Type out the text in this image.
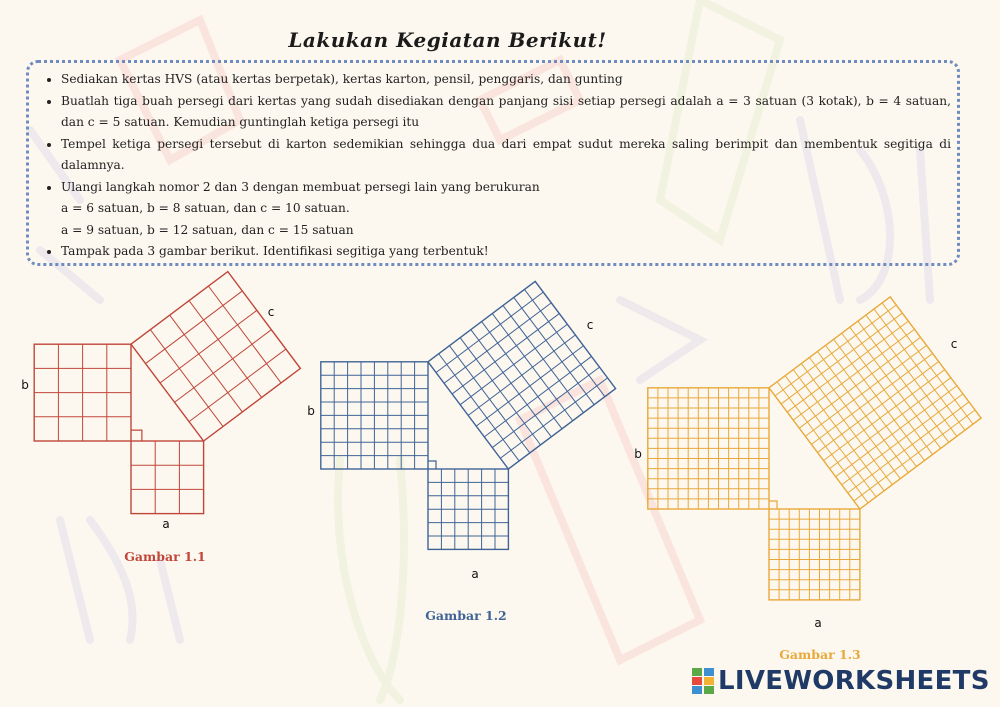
Lakukan Kegiatan Berikut!
• Sediakan kertas HVS (atau kertas berpetak), kertas karton, pensil, penggaris, dan gunting
• Buatlah tiga buah persegi dari kertas yang sudah disediakan dengan panjang sisi setiap persegi adalah a = 3 satuan (3 kotak), b = 4 satuan, dan c = 5 satuan. Kemudian guntinglah ketiga persegi itu
• Tempel ketiga persegi tersebut di karton sedemikian sehingga dua dari empat sudut mereka saling berimpit dan membentuk segitiga di dalamnya.
• Ulangi langkah nomor 2 dan 3 dengan membuat persegi lain yang berukuran
a = 6 satuan, b = 8 satuan, dan c = 10 satuan.
a = 9 satuan, b = 12 satuan, dan c = 15 satuan
• Tampak pada 3 gambar berikut. Identifikasi segitiga yang terbentuk!
a
b
c
Gambar 1.1
a
b
c
Gambar 1.2	a
b
c
Gambar 1.3
LIVEWORKSHEETS
